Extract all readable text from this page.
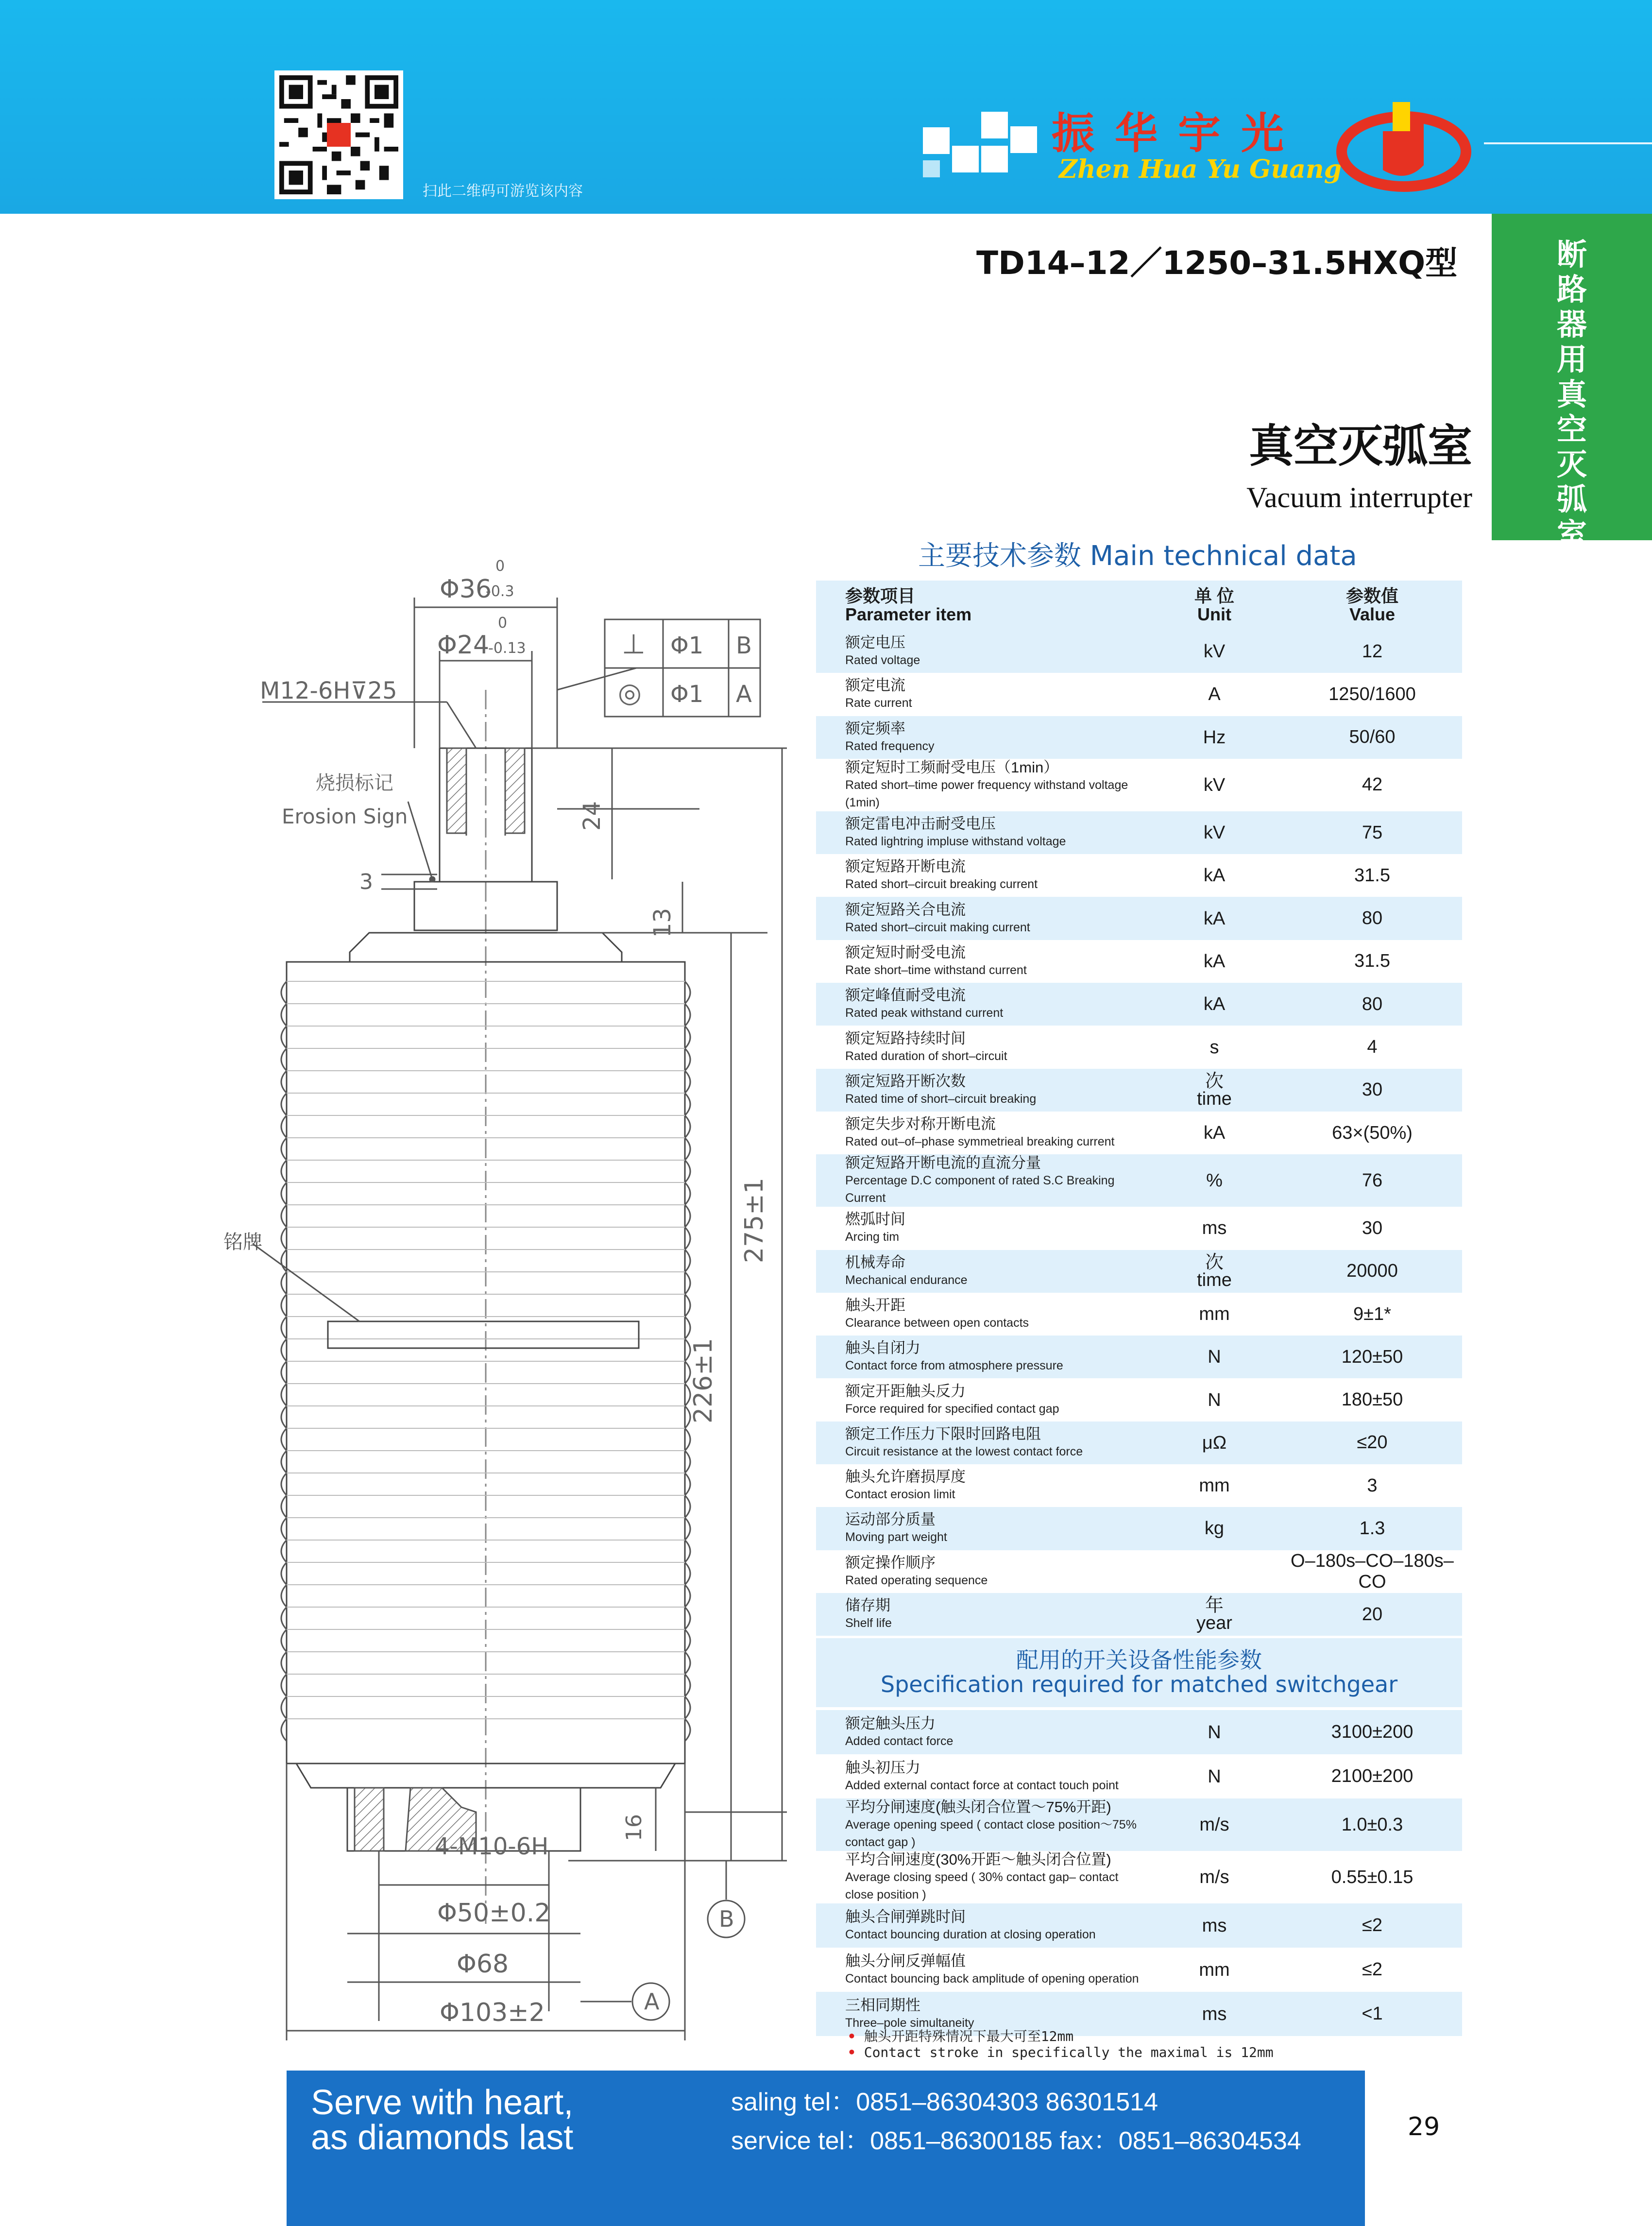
扫此二维码可游览该内容
振华宇光
Zhen Hua Yu Guang
TD14–12／1250–31.5HXQ型	断
路
器
用
真
空
灭
弧
室
真空灭弧室
Vacuum interrupter
主要技术参数 Main technical data
参数项目
Parameter item	单 位
Unit	参数值
Value
额定电压
Rated voltage	kV	12
额定电流
Rate current	A	1250/1600
额定频率
Rated frequency	Hz	50/60
额定短时工频耐受电压（1min）
Rated short–time power frequency withstand voltage (1min)	kV	42
额定雷电冲击耐受电压
Rated lightring impluse withstand voltage	kV	75
额定短路开断电流
Rated short–circuit breaking current	kA	31.5
额定短路关合电流
Rated short–circuit making current	kA	80
额定短时耐受电流
Rate short–time withstand current	kA	31.5
额定峰值耐受电流
Rated peak withstand current	kA	80
额定短路持续时间
Rated duration of short–circuit	s	4
额定短路开断次数
Rated time of short–circuit breaking	次
time	30
额定失步对称开断电流
Rated out–of–phase symmetrieal breaking current	kA	63×(50%)
额定短路开断电流的直流分量
Percentage D.C component of rated S.C Breaking Current	%	76
燃弧时间
Arcing tim	ms	30
机械寿命
Mechanical endurance	次
time	20000
触头开距
Clearance between open contacts	mm	9±1*
触头自闭力
Contact force from atmosphere pressure	N	120±50
额定开距触头反力
Force required for specified contact gap	N	180±50
额定工作压力下限时回路电阻
Circuit resistance at the lowest contact force	μΩ	≤20
触头允许磨损厚度
Contact erosion limit	mm	3
运动部分质量
Moving part weight	kg	1.3
额定操作顺序
Rated operating sequence		O–180s–CO–180s–CO
储存期
Shelf life	年
year	20
配用的开关设备性能参数
Specification required for matched switchgear
额定触头压力
Added contact force	N	3100±200
触头初压力
Added external contact force at contact touch point	N	2100±200
平均分闸速度(触头闭合位置～75%开距)
Average opening speed ( contact close position～75% contact gap )	m/s	1.0±0.3
平均合闸速度(30%开距～触头闭合位置)
Average closing speed ( 30% contact gap– contact close position )	m/s	0.55±0.15
触头合闸弹跳时间
Contact bouncing duration at closing operation	ms	≤2
触头分闸反弹幅值
Contact bouncing back amplitude of opening operation	mm	≤2
三相同期性
Three–pole simultaneity	ms	<1
• 触头开距特殊情况下最大可至12mm
• Contact stroke in specifically the maximal is 12mm
铭牌
Φ36
0 -0.3
Φ24
0 -0.13
M12-6H⊽25
烧损标记
Erosion Sign
3
24
13
275±1
226±1
16
B
4-M10-6H
Φ50±0.2
Φ68
Φ103±2	A
⊥ Φ1 B
◎ Φ1 A
Serve with heart,
as diamonds last
saling tel：0851–86304303 86301514
service tel：0851–86300185 fax：0851–86304534	29
